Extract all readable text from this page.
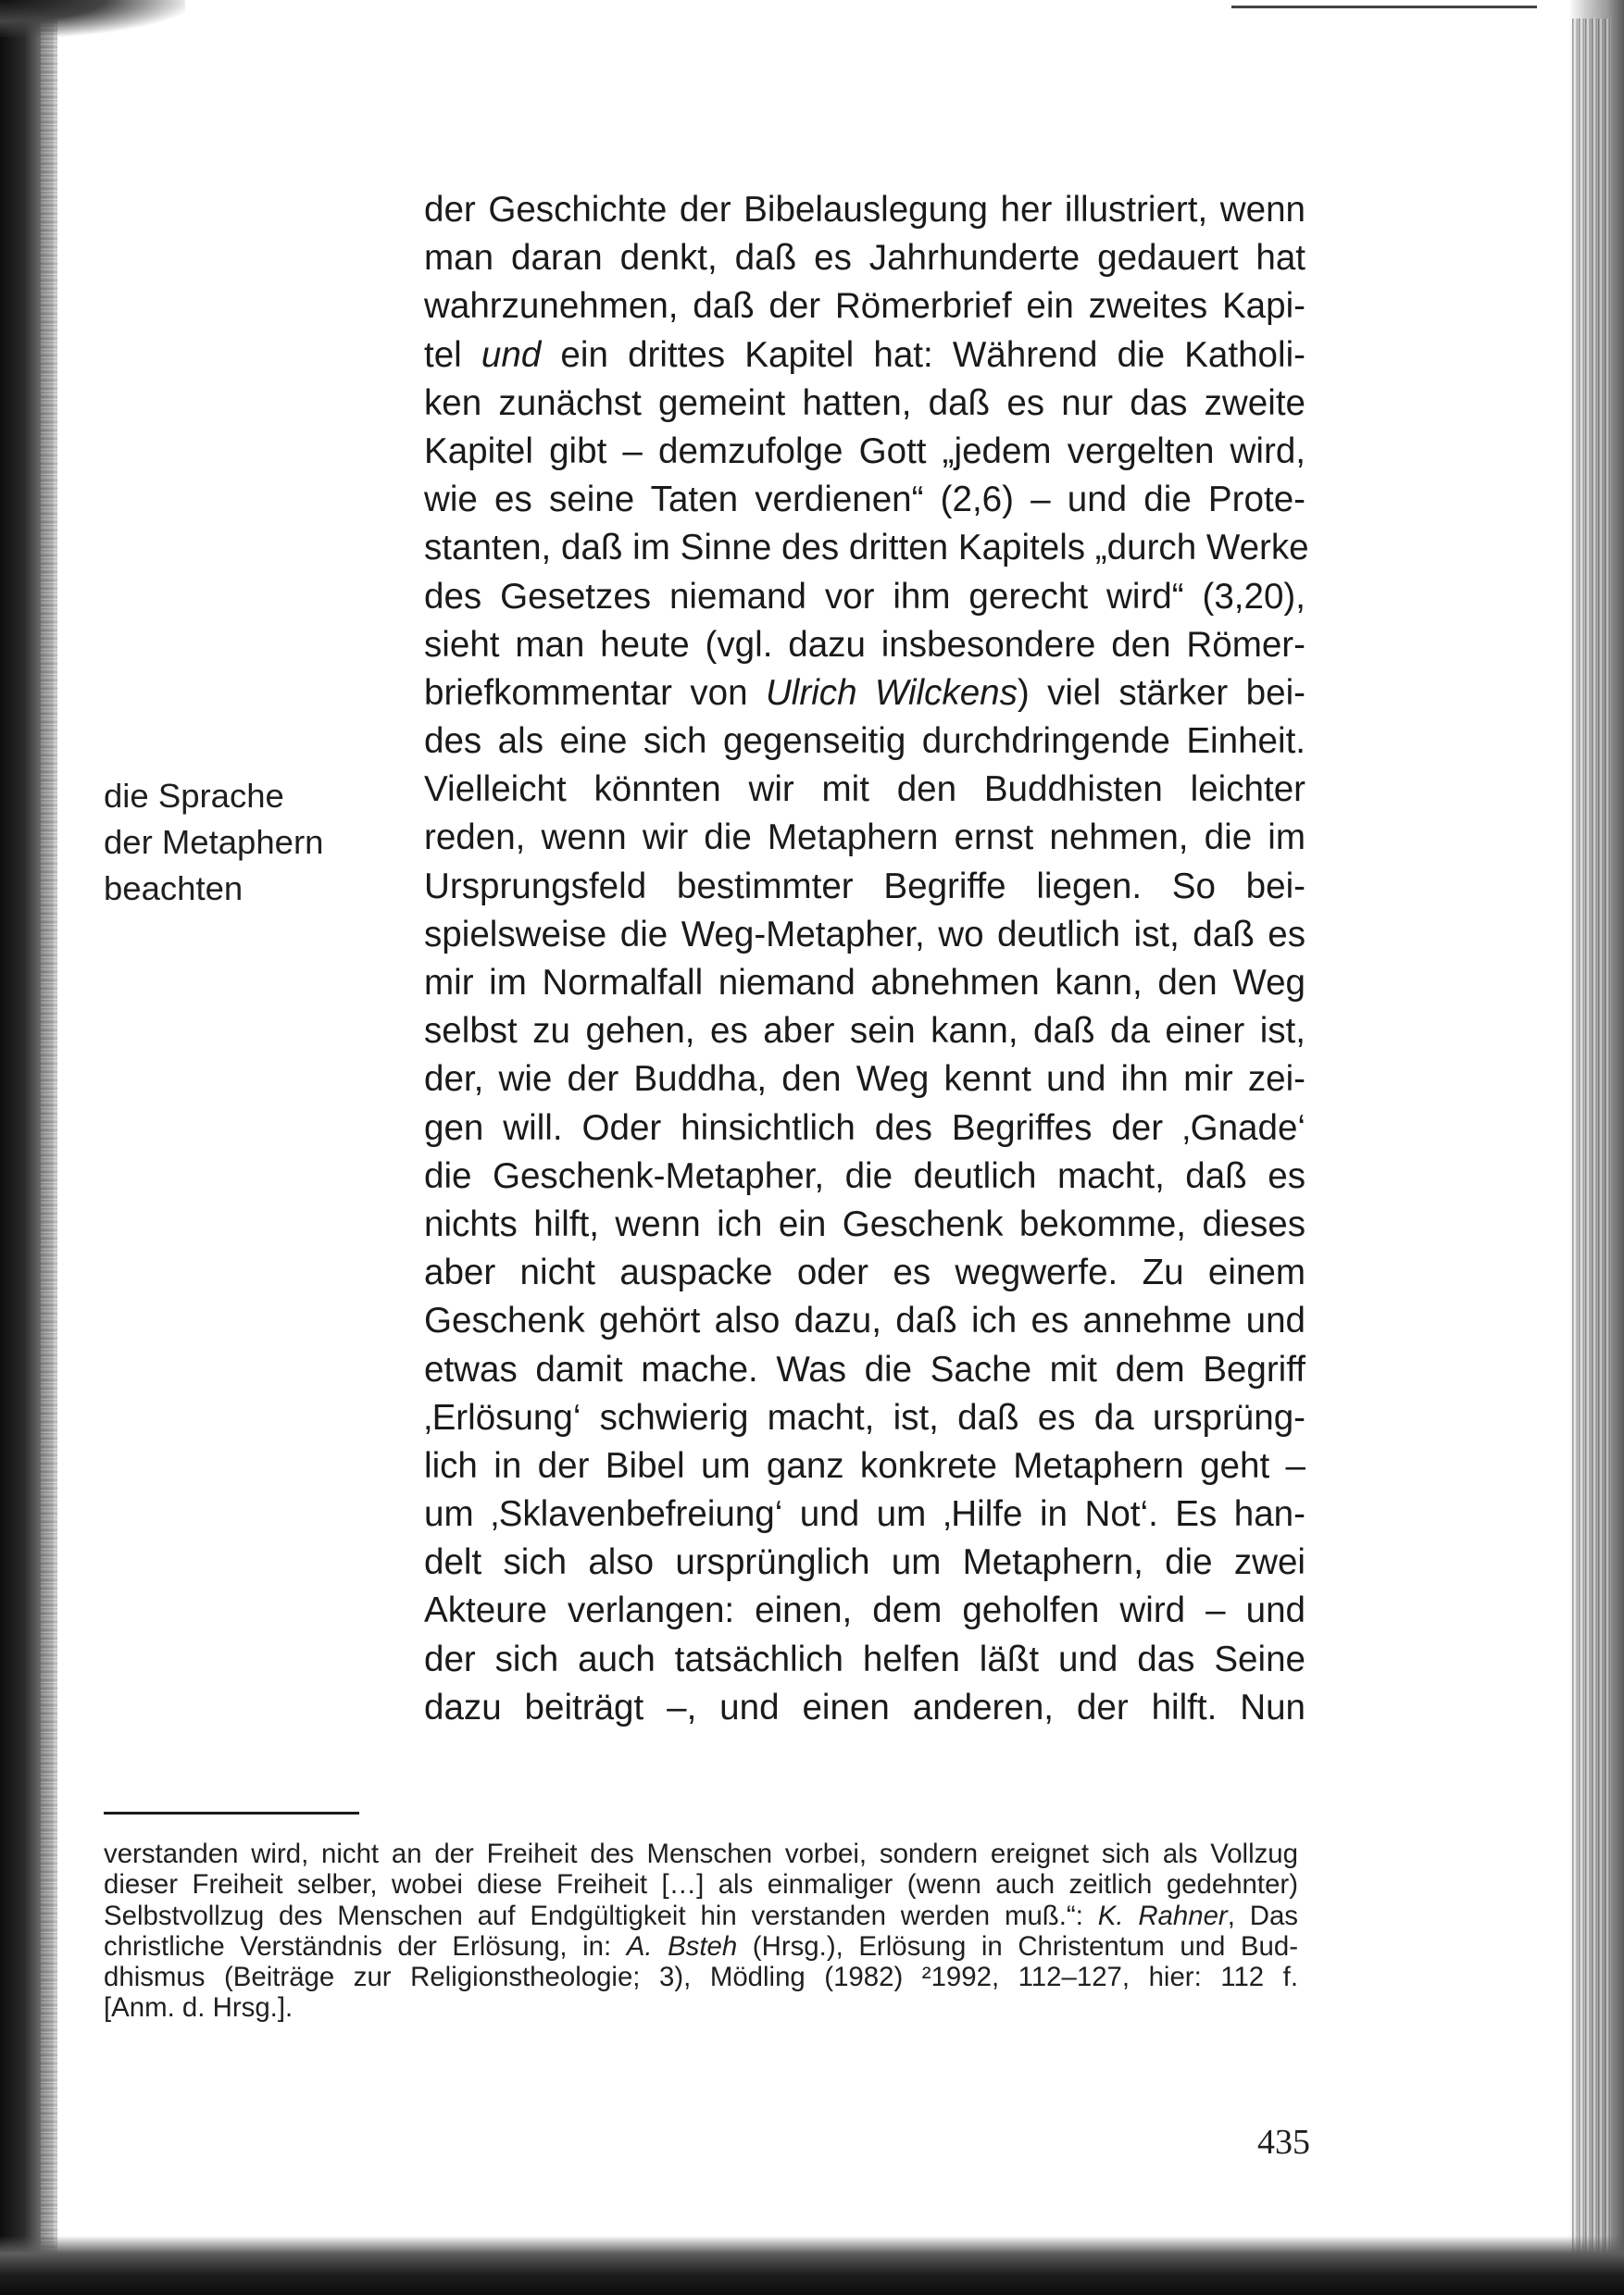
die Sprache
der Metaphern
beachten
der Geschichte der Bibelauslegung her illustriert, wenn
man daran denkt, daß es Jahrhunderte gedauert hat
wahrzunehmen, daß der Römerbrief ein zweites Kapi-
tel und ein drittes Kapitel hat: Während die Katholi-
ken zunächst gemeint hatten, daß es nur das zweite
Kapitel gibt – demzufolge Gott „jedem vergelten wird,
wie es seine Taten verdienen“ (2,6) – und die Prote-
stanten, daß im Sinne des dritten Kapitels „durch Werke
des Gesetzes niemand vor ihm gerecht wird“ (3,20),
sieht man heute (vgl. dazu insbesondere den Römer-
briefkommentar von Ulrich Wilckens) viel stärker bei-
des als eine sich gegenseitig durchdringende Einheit.
Vielleicht könnten wir mit den Buddhisten leichter
reden, wenn wir die Metaphern ernst nehmen, die im
Ursprungsfeld bestimmter Begriffe liegen. So bei-
spielsweise die Weg-Metapher, wo deutlich ist, daß es
mir im Normalfall niemand abnehmen kann, den Weg
selbst zu gehen, es aber sein kann, daß da einer ist,
der, wie der Buddha, den Weg kennt und ihn mir zei-
gen will. Oder hinsichtlich des Begriffes der ‚Gnade‘
die Geschenk-Metapher, die deutlich macht, daß es
nichts hilft, wenn ich ein Geschenk bekomme, dieses
aber nicht auspacke oder es wegwerfe. Zu einem
Geschenk gehört also dazu, daß ich es annehme und
etwas damit mache. Was die Sache mit dem Begriff
‚Erlösung‘ schwierig macht, ist, daß es da ursprüng-
lich in der Bibel um ganz konkrete Metaphern geht –
um ‚Sklavenbefreiung‘ und um ‚Hilfe in Not‘. Es han-
delt sich also ursprünglich um Metaphern, die zwei
Akteure verlangen: einen, dem geholfen wird – und
der sich auch tatsächlich helfen läßt und das Seine
dazu beiträgt –, und einen anderen, der hilft. Nun
verstanden wird, nicht an der Freiheit des Menschen vorbei, sondern ereignet sich als Vollzug
dieser Freiheit selber, wobei diese Freiheit […] als einmaliger (wenn auch zeitlich gedehnter)
Selbstvollzug des Menschen auf Endgültigkeit hin verstanden werden muß.“: K. Rahner, Das
christliche Verständnis der Erlösung, in: A. Bsteh (Hrsg.), Erlösung in Christentum und Bud-
dhismus (Beiträge zur Religionstheologie; 3), Mödling (1982) ²1992, 112–127, hier: 112 f.
[Anm. d. Hrsg.].
435
